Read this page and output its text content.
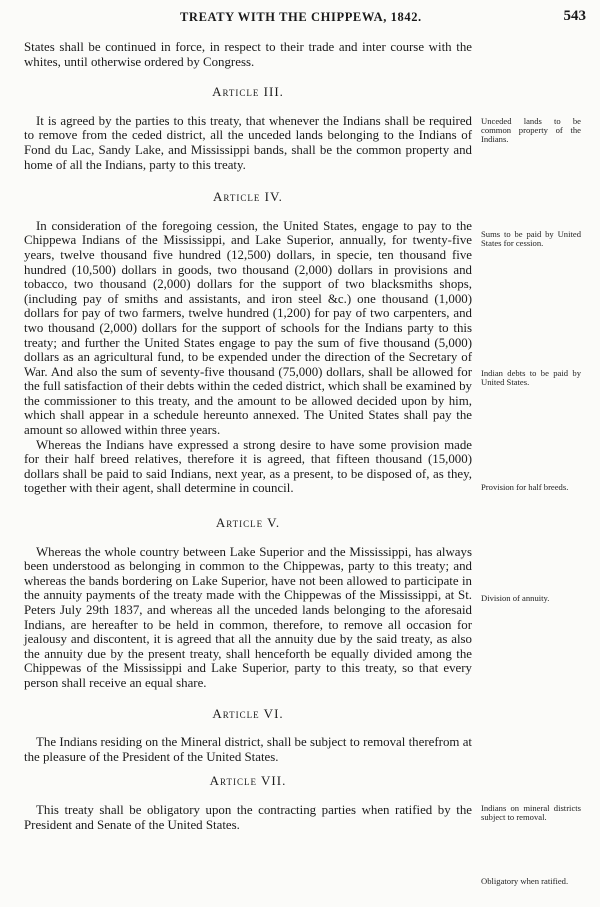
TREATY WITH THE CHIPPEWA, 1842.	543

States shall be continued in force, in respect to their trade and inter course with the whites, until otherwise ordered by Congress.

Article III.

It is agreed by the parties to this treaty, that whenever the Indians shall be required to remove from the ceded district, all the unceded lands belonging to the Indians of Fond du Lac, Sandy Lake, and Mississippi bands, shall be the common property and home of all the Indians, party to this treaty.

Article IV.

In consideration of the foregoing cession, the United States, engage to pay to the Chippewa Indians of the Mississippi, and Lake Superior, annually, for twenty-five years, twelve thousand five hundred (12,500) dollars, in specie, ten thousand five hundred (10,500) dollars in goods, two thousand (2,000) dollars in provisions and tobacco, two thousand (2,000) dollars for the support of two blacksmiths shops, (including pay of smiths and assistants, and iron steel &c.) one thousand (1,000) dollars for pay of two farmers, twelve hundred (1,200) for pay of two carpenters, and two thousand (2,000) dollars for the support of schools for the Indians party to this treaty; and further the United States engage to pay the sum of five thousand (5,000) dollars as an agricultural fund, to be expended under the direction of the Secretary of War. And also the sum of seventy-five thousand (75,000) dollars, shall be allowed for the full satisfaction of their debts within the ceded district, which shall be examined by the commissioner to this treaty, and the amount to be allowed decided upon by him, which shall appear in a schedule hereunto annexed. The United States shall pay the amount so allowed within three years.

Whereas the Indians have expressed a strong desire to have some provision made for their half breed relatives, therefore it is agreed, that fifteen thousand (15,000) dollars shall be paid to said Indians, next year, as a present, to be disposed of, as they, together with their agent, shall determine in council.

Article V.

Whereas the whole country between Lake Superior and the Mississippi, has always been understood as belonging in common to the Chippewas, party to this treaty; and whereas the bands bordering on Lake Superior, have not been allowed to participate in the annuity payments of the treaty made with the Chippewas of the Mississippi, at St. Peters July 29th 1837, and whereas all the unceded lands belonging to the aforesaid Indians, are hereafter to be held in common, therefore, to remove all occasion for jealousy and discontent, it is agreed that all the annuity due by the said treaty, as also the annuity due by the present treaty, shall henceforth be equally divided among the Chippewas of the Mississippi and Lake Superior, party to this treaty, so that every person shall receive an equal share.

Article VI.

The Indians residing on the Mineral district, shall be subject to removal therefrom at the pleasure of the President of the United States.

Article VII.

This treaty shall be obligatory upon the contracting parties when ratified by the President and Senate of the United States.

Unceded lands to be common property of the Indians.
Sums to be paid by United States for cession.
Indian debts to be paid by United States.
Provision for half breeds.
Division of annuity.
Indians on mineral districts subject to removal.
Obligatory when ratified.
